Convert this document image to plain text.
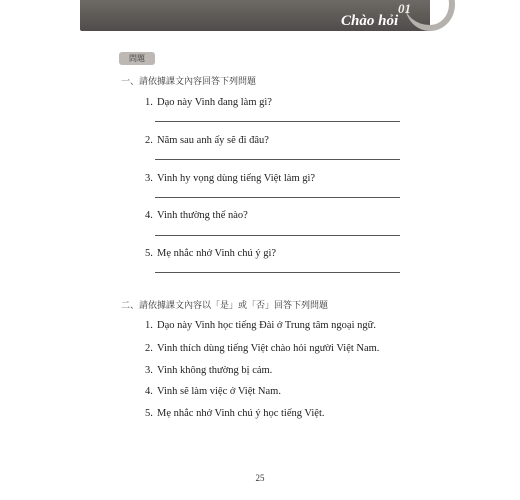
01
Chào hỏi
問題
一、請依據課文內容回答下列問題
1. Dạo này Vinh đang làm gì?
2. Năm sau anh ấy sẽ đi đâu?
3. Vinh hy vọng dùng tiếng Việt làm gì?
4. Vinh thường thế nào?
5. Mẹ nhắc nhở Vinh chú ý gì?
二、請依據課文內容以「是」或「否」回答下列問題
1. Dạo này Vinh học tiếng Đài ở Trung tâm ngoại ngữ.
2. Vinh thích dùng tiếng Việt chào hỏi người Việt Nam.
3. Vinh không thường bị cảm.
4. Vinh sẽ làm việc ở Việt Nam.
5. Mẹ nhắc nhở Vinh chú ý học tiếng Việt.
25
